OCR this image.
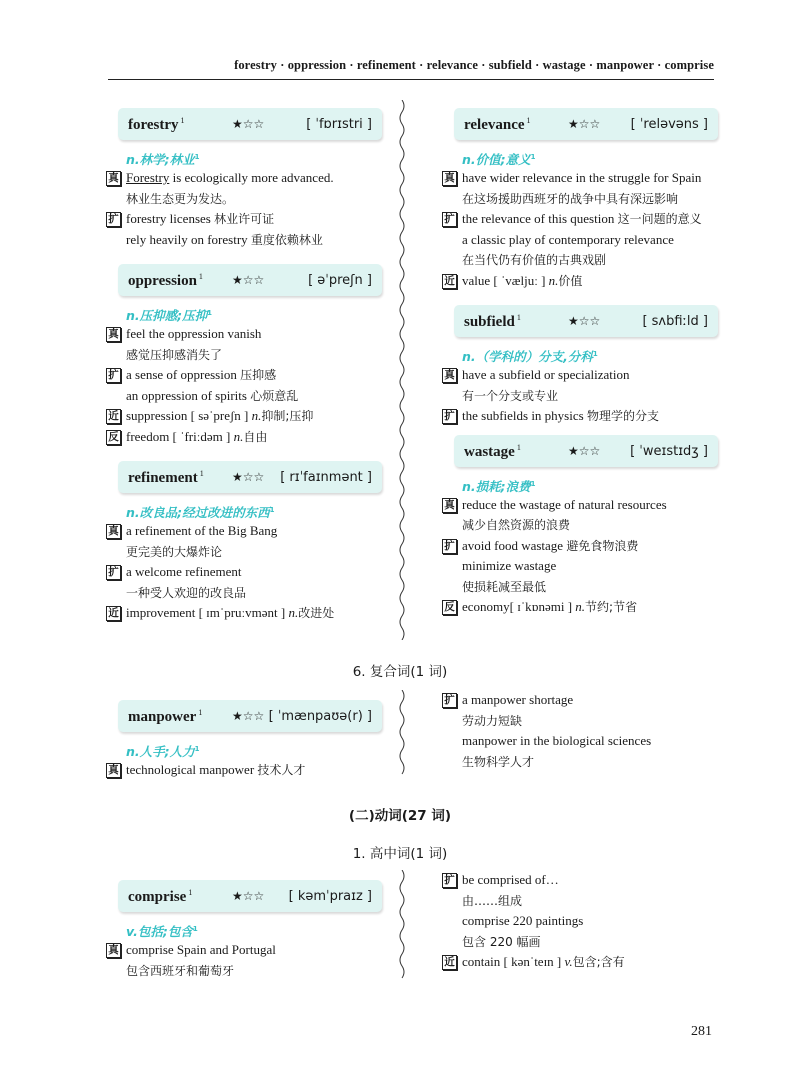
forestry · oppression · refinement · relevance · subfield · wastage · manpower · comprise
forestry $^1$	★☆☆	[ ˈfɒrɪstri ]
n.林学;林业$^1$
真 Forestry is ecologically more advanced.
林业生态更为发达。
扩 forestry licenses 林业许可证
rely heavily on forestry 重度依赖林业
oppression $^1$ ★☆☆	[ əˈpreʃn ]
n.压抑感;压抑$^1$
真 feel the oppression vanish
感觉压抑感消失了
扩 a sense of oppression 压抑感
an oppression of spirits 心烦意乱
近 suppression [ səˈpreʃn ] n.抑制;压抑
反 freedom [ ˈfriːdəm ] n.自由
refinement $^1$ ★☆☆ [ rɪˈfaɪnmənt ]
n.改良品;经过改进的东西$^1$
真 a refinement of the Big Bang
更完美的大爆炸论
扩 a welcome refinement
一种受人欢迎的改良品
近 improvement [ ɪmˈpruːvmənt ] n.改进处
relevance $^1$	★☆☆ [ ˈreləvəns ]
n.价值;意义$^1$
真 have wider relevance in the struggle for Spain
在这场援助西班牙的战争中具有深远影响
扩 the relevance of this question 这一问题的意义
a classic play of contemporary relevance
在当代仍有价值的古典戏剧
近 value [ ˈvæljuː ] n.价值
subfield $^1$	★☆☆	[ sʌbfiːld ]
n.（学科的）分支,分科$^1$
真 have a subfield or specialization
有一个分支或专业
扩 the subfields in physics 物理学的分支
wastage $^1$	★☆☆ [ ˈweɪstɪdʒ ]
n.损耗;浪费$^1$
真 reduce the wastage of natural resources
减少自然资源的浪费
扩 avoid food wastage 避免食物浪费
minimize wastage
使损耗减至最低
反 economy[ ɪˈkɒnəmi ] n.节约;节省
6. 复合词(1 词)
manpower $^1$ ★☆☆ [ ˈmænpaʊə(r) ]
n.人手;人力$^1$
真 technological manpower 技术人才
扩 a manpower shortage
劳动力短缺
manpower in the biological sciences
生物科学人才
(二)动词(27 词)
1. 高中词(1 词)
comprise $^1$	★☆☆ [ kəmˈpraɪz ]
v.包括;包含$^1$
真 comprise Spain and Portugal
包含西班牙和葡萄牙
扩 be comprised of…
由……组成
comprise 220 paintings
包含 220 幅画
近 contain [ kənˈteɪn ] v.包含;含有
281
